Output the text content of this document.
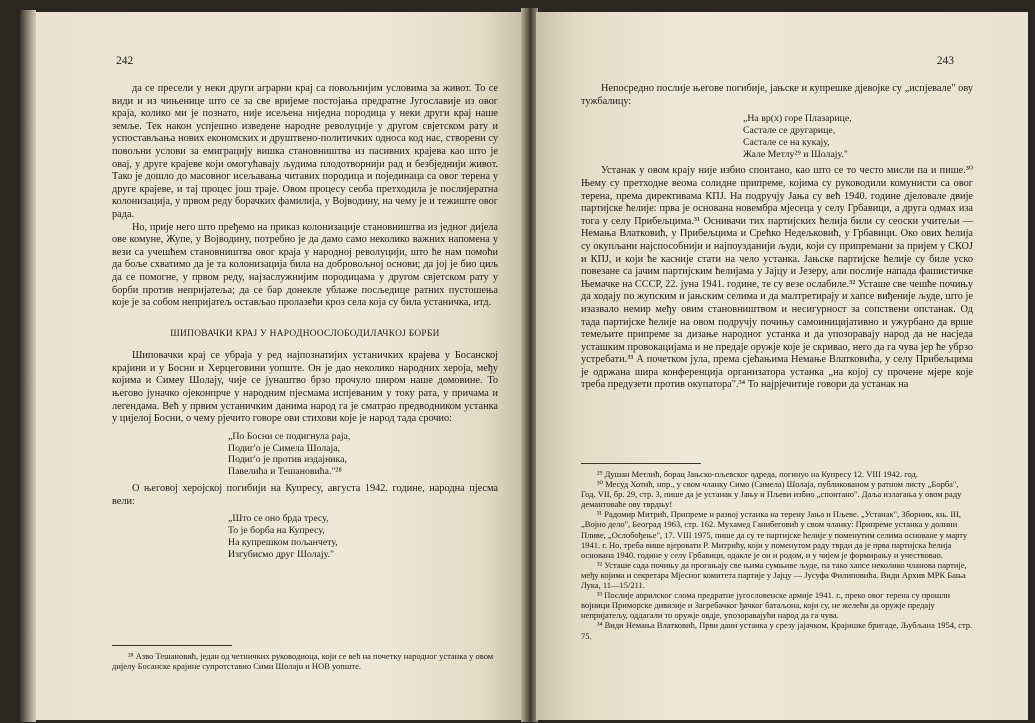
242

да се пресели у неки други аграрни крај са повољнијим условима за живот. То се види и из чињенице што се за све вријеме постојања предратне Југославије из овог краја, колико ми је познато, није исељена ниједна породица у неки други крај наше земље. Тек након успјешно изведене народне револуције у другом свјетском рату и успостављања нових економских и друштвено-политичких односа код нас, створени су повољни услови за емиграцију вишка становништва из пасивних крајева као што је овај, у друге крајеве који омогућавају људима плодотворнији рад и безбједнији живот. Тако је дошло до масовног исељавања читавих породица и појединаца са овог терена у друге крајеве, и тај процес још траје. Овом процесу сеоба претходила је послијератна колонизација, у првом реду борачких фамилија, у Војводину, на чему је и тежиште овог рада.

Но, прије него што пређемо на приказ колонизације становништва из једног дијела ове комуне, Жупе, у Војводину, потребно је да дамо само неколико важних напомена у вези са учешћем становништва овог краја у народној револуцији, што ће нам помоћи да боље схватимо да је та колонизација била на добровољној основи; да јој је био циљ да се помогне, у првом реду, најзаслужнијим породицама у другом свјетском рату у борби против непријатеља; да се бар донекле ублаже посљедице ратних пустошења које је за собом непријатељ остављао пролазећи кроз села која су била устаничка, итд.

ШИПОВАЧКИ КРАЈ У НАРОДНООСЛОБОДИЛАЧКОЈ БОРБИ

Шиповачки крај се убраја у ред најпознатијих устаничких крајева у Босанској крајини и у Босни и Херцеговини уопште. Он је дао неколико народних хероја, међу којима и Симеу Шолају, чије се јунаштво брзо прочуло широм наше домовине. То његово јуначко ојеконпрче у народним пјесмама испјеваним у току рата, у причама и легендама. Већ у првим устаничким данима народ га је сматрао предводником устанка у цијелој Босни, о чему рјечито говоре ови стихови које је народ тада срочио:

„По Босни се подигнула раја,
Подиг'о је Симела Шолаја,
Подиг'о је против издајника,
Павелића и Тешановића."²⁸

О његовој херојској погибији на Купресу, августа 1942. године, народна пјесма вели:

„Што се оно брда тресу,
То је борба на Купресу,
На купрешком пољанчету,
Изгубисмо друг Шолају."

²⁸ Азво Тешановић, један од четничких руководиоца, који се већ на почетку народног устанка у овом дијелу Босанске крајине супротставио Сими Шолаји и НОВ уопште.

243

Непосредно послије његове погибије, јањске и купрешке дјевојке су „испјевале" ову тужбалицу:

„На вр(х) горе Плазарице,
Састале се другарице,
Састале се на кукају,
Жале Метлу²⁹ и Шолају."

Устанак у овом крају није избио спонтано, као што се то често мисли па и пише.³⁰ Њему су претходне веома солидне припреме, којима су руководили комунисти са овог терена, према директивама КПЈ. На подручју Јања су већ 1940. године дјеловале двије партијске ћелије: прва је основана новембра мјесеца у селу Грбавици, а друга одмах иза тога у селу Прибељцима.³¹ Оснивачи тих партијских ћелија били су сеоски учитељи — Немања Влатковић, у Прибељцима и Срећко Недељковић, у Грбавици. Око ових ћелија су окупљани најспособнији и најпоузданији људи, који су припремани за пријем у СКОЈ и КПЈ, и који ће касније стати на чело устанка. Јањске партијске ћелије су биле уско повезане са јачим партијским ћелијама у Јајцу и Језеру, али послије напада фашистичке Њемачке на СССР, 22. јуна 1941. године, те су везе ослабиле.³² Усташе све чешће почињу да ходају по жупским и јањским селима и да малтретирају и хапсе виђеније људе, што је изазвало немир међу овим становништвом и несигурност за сопствени опстанак. Од тада партијске ћелије на овом подручју почињу самоиницијативно и ужурбано да врше темељите припреме за дизање народног устанка и да упозоравају народ да не насједа усташким провокацијама и не предаје оружје које је скривао, него да га чува јер ће убрзо устребати.³³ А почетком јула, према сјећањима Немање Влатковића, у селу Прибељцима је одржана шира конференција организатора устанка „на којој су прочене мјере које треба предузети против окупатора".³⁴ То најрјечитије говори да устанак на

²⁹ Душан Метлић, борац Јањско-пљевског одреда, погинуо на Купресу 12. VIII 1942. год.

³⁰ Месуд Хотић, нпр., у свом чланку Симо (Симела) Шолаја, публикованом у ратном листу „Борба", Год. VII, бр. 29, стр. 3, пише да је устанак у Јању и Пљеви избио „спонтано". Даља излагања у овом раду демантоваће ову тврдњу!

³¹ Радомир Митрић, Припреме и развој устанка на терену Јања и Пљеве. „Устанак", Зборник, књ. III, „Војно дело", Београд 1963, стр. 162. Мухамед Ганибеговић у свом чланку: Припреме устанка у долини Пливе, „Ослобођење", 17. VIII 1975, пише да су те партијске ћелије у поменутим селима основане у марту 1941. г. Но, треба више вјеровати Р. Митрићу, који у поменутом раду тврди да је прва партијска ћелија основана 1940. године у селу Грбавици, одакле је он и родом, и у чијем је формирању и учествовао.

³² Усташе сада почињу да прогањају све њима сумњиве људе, па тако хапсе неколико чланова партије, међу којима и секретара Мјесног комитета партије у Јајцу — Јусуфа Филиповића. Види Архив МРК Бања Лука, 11—15/211.

³³ Послије априлског слома предратне југословенске армије 1941. г., преко овог терена су прошли војници Приморске дивизије и Загребачког ђачког батаљона, који су, не желећи да оружје предају непријатељу, оддагали то оружје овдје, упозоравајући народ да га чува.

³⁴ Види Немања Влатковић, Први дани устанка у срезу јајачком, Крајишке бригаде, Љубљана 1954, стр. 75.
